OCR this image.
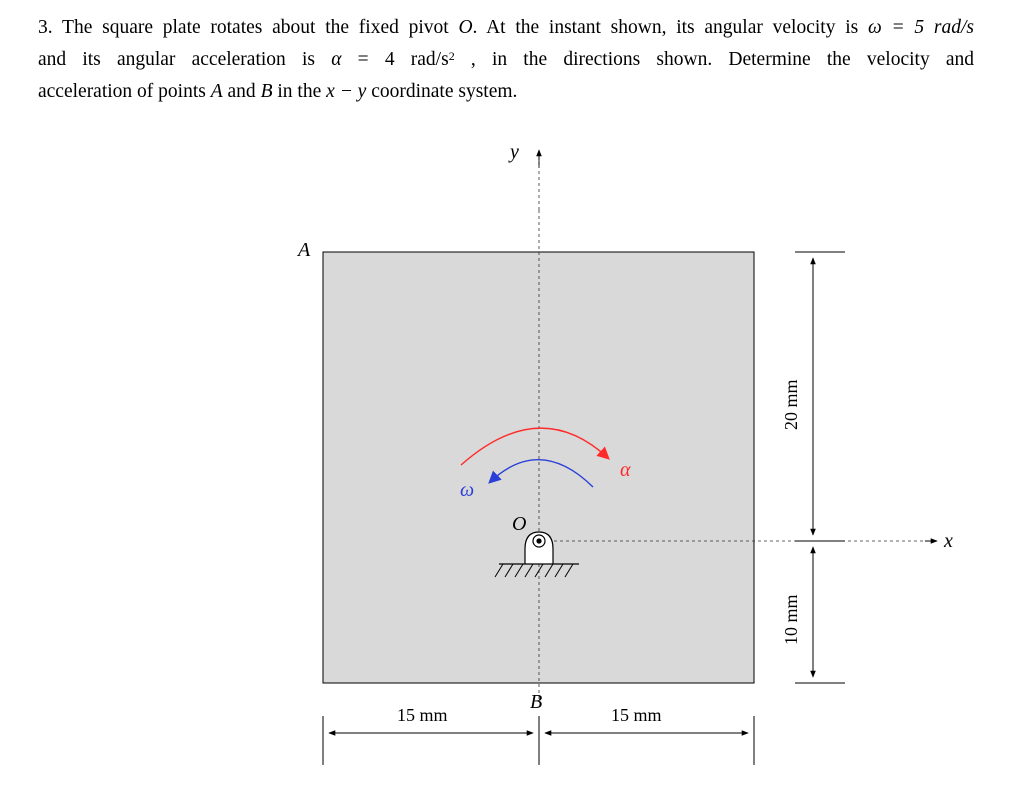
3. The square plate rotates about the fixed pivot O. At the instant shown, its angular velocity is ω = 5 rad/s
and its angular acceleration is α = 4 rad/$s^2$ , in the directions shown. Determine the velocity and
acceleration of points A and B in the x − y coordinate system.
y
x
A
B
α
ω
O
15 mm	15 mm
20 mm
10 mm
